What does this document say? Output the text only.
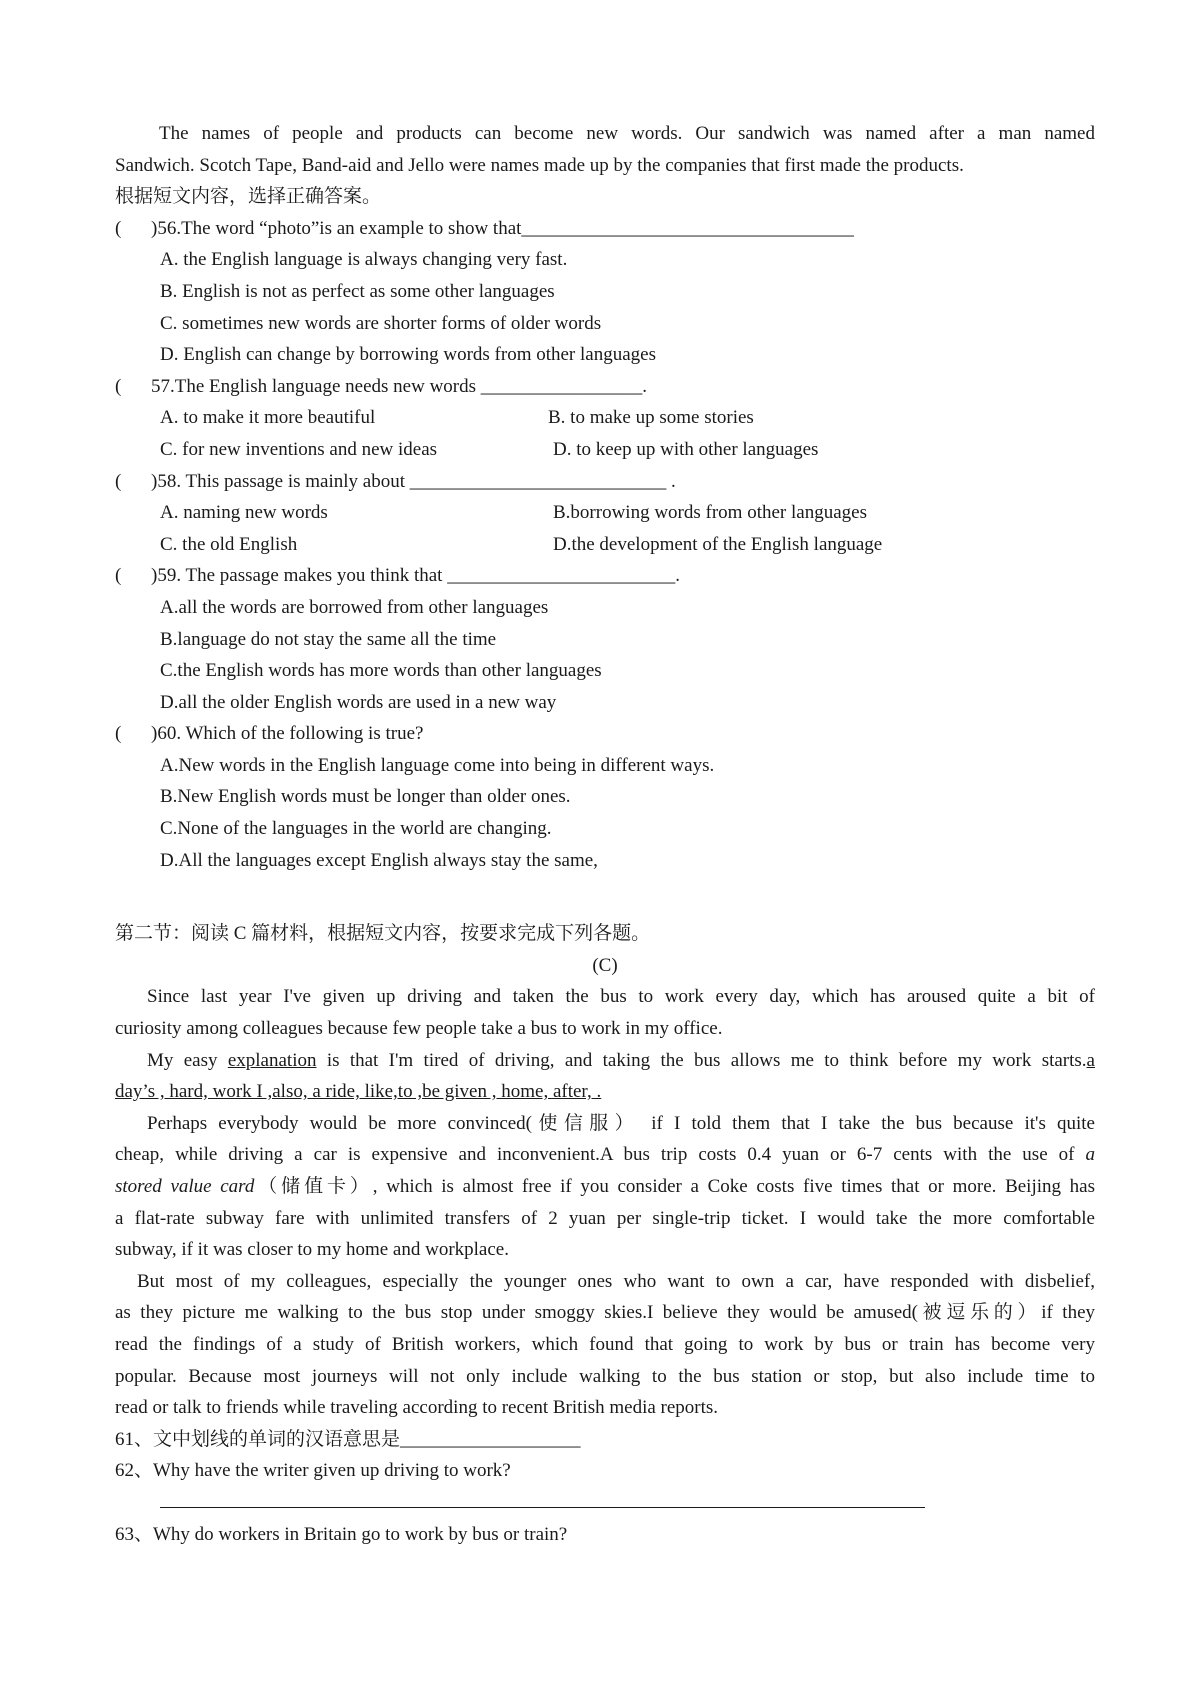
The names of people and products can become new words. Our sandwich was named after a man named
Sandwich. Scotch Tape, Band-aid and Jello were names made up by the companies that first made the products.
根据短文内容，选择正确答案。
( )56.The word “photo”is an example to show that___________________________________
A. the English language is always changing very fast.
B. English is not as perfect as some other languages
C. sometimes new words are shorter forms of older words
D. English can change by borrowing words from other languages
( 57.The English language needs new words _________________.
A. to make it more beautiful	B. to make up some stories
C. for new inventions and new ideas	D. to keep up with other languages
( )58. This passage is mainly about ___________________________ .
A. naming new words	B.borrowing words from other languages
C. the old English	D.the development of the English language
( )59. The passage makes you think that ________________________.
A.all the words are borrowed from other languages
B.language do not stay the same all the time
C.the English words has more words than other languages
D.all the older English words are used in a new way
( )60. Which of the following is true?
A.New words in the English language come into being in different ways.
B.New English words must be longer than older ones.
C.None of the languages in the world are changing.
D.All the languages except English always stay the same,
第二节：阅读 C 篇材料，根据短文内容，按要求完成下列各题。
(C)
Since last year I've given up driving and taken the bus to work every day, which has aroused quite a bit of
curiosity among colleagues because few people take a bus to work in my office.
My easy explanation is that I'm tired of driving, and taking the bus allows me to think before my work starts.a
day’s , hard, work I ,also, a ride, like,to ,be given , home, after, .
Perhaps everybody would be more convinced(使信服） if I told them that I take the bus because it's quite
cheap, while driving a car is expensive and inconvenient.A bus trip costs 0.4 yuan or 6-7 cents with the use of a
stored value card（储值卡）, which is almost free if you consider a Coke costs five times that or more. Beijing has
a flat-rate subway fare with unlimited transfers of 2 yuan per single-trip ticket. I would take the more comfortable
subway, if it was closer to my home and workplace.
But most of my colleagues, especially the younger ones who want to own a car, have responded with disbelief,
as they picture me walking to the bus stop under smoggy skies.I believe they would be amused(被逗乐的）if they
read the findings of a study of British workers, which found that going to work by bus or train has become very
popular. Because most journeys will not only include walking to the bus station or stop, but also include time to
read or talk to friends while traveling according to recent British media reports.
61、文中划线的单词的汉语意思是___________________
62、Why have the writer given up driving to work?
63、Why do workers in Britain go to work by bus or train?
